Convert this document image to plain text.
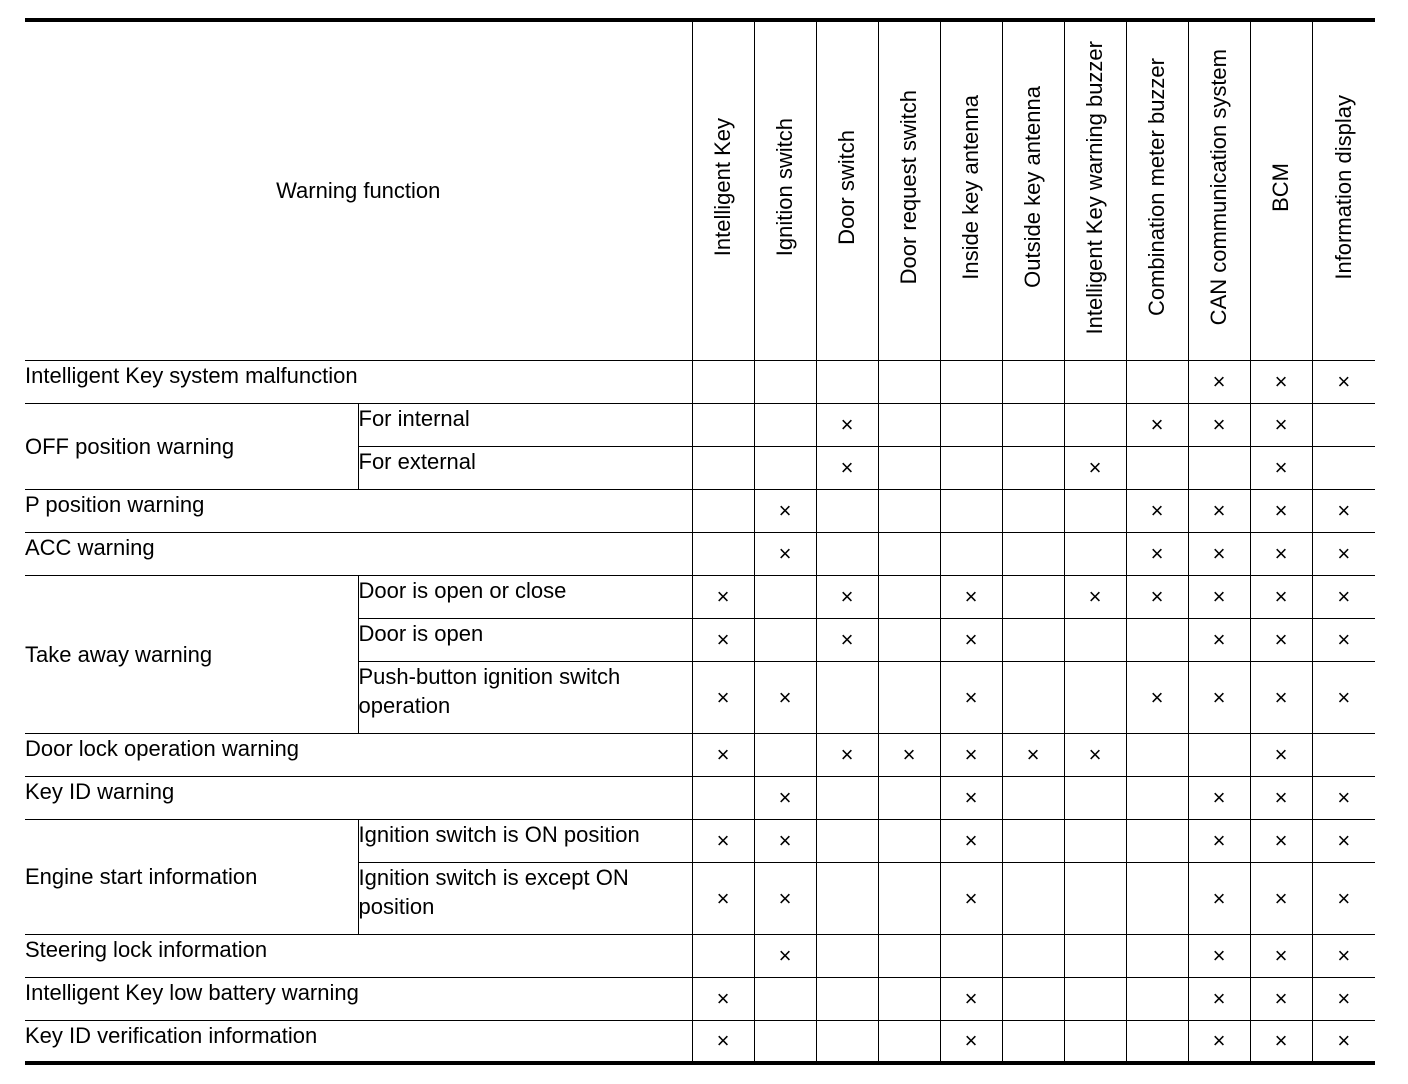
Warning function		Intelligent Key	Ignition switch	Door switch	Door request switch	Inside key antenna	Outside key antenna	Intelligent Key warning buzzer	Combination meter buzzer	CAN communication system	BCM	Information display
Intelligent Key system malfunction										×	×	×
OFF position warning	For internal			×					×	×	×	
	For external			×				×			×	
P position warning			×						×	×	×	×
ACC warning			×						×	×	×	×
Take away warning	Door is open or close	×		×		×		×	×	×	×	×
	Door is open	×		×		×				×	×	×
	Push-button ignition switch operation	×	×			×			×	×	×	×
Door lock operation warning		×		×	×	×	×	×			×	
Key ID warning			×			×				×	×	×
Engine start information	Ignition switch is ON position	×	×			×				×	×	×
	Ignition switch is except ON position	×	×			×				×	×	×
Steering lock information			×							×	×	×
Intelligent Key low battery warning		×				×				×	×	×
Key ID verification information		×				×				×	×	×
